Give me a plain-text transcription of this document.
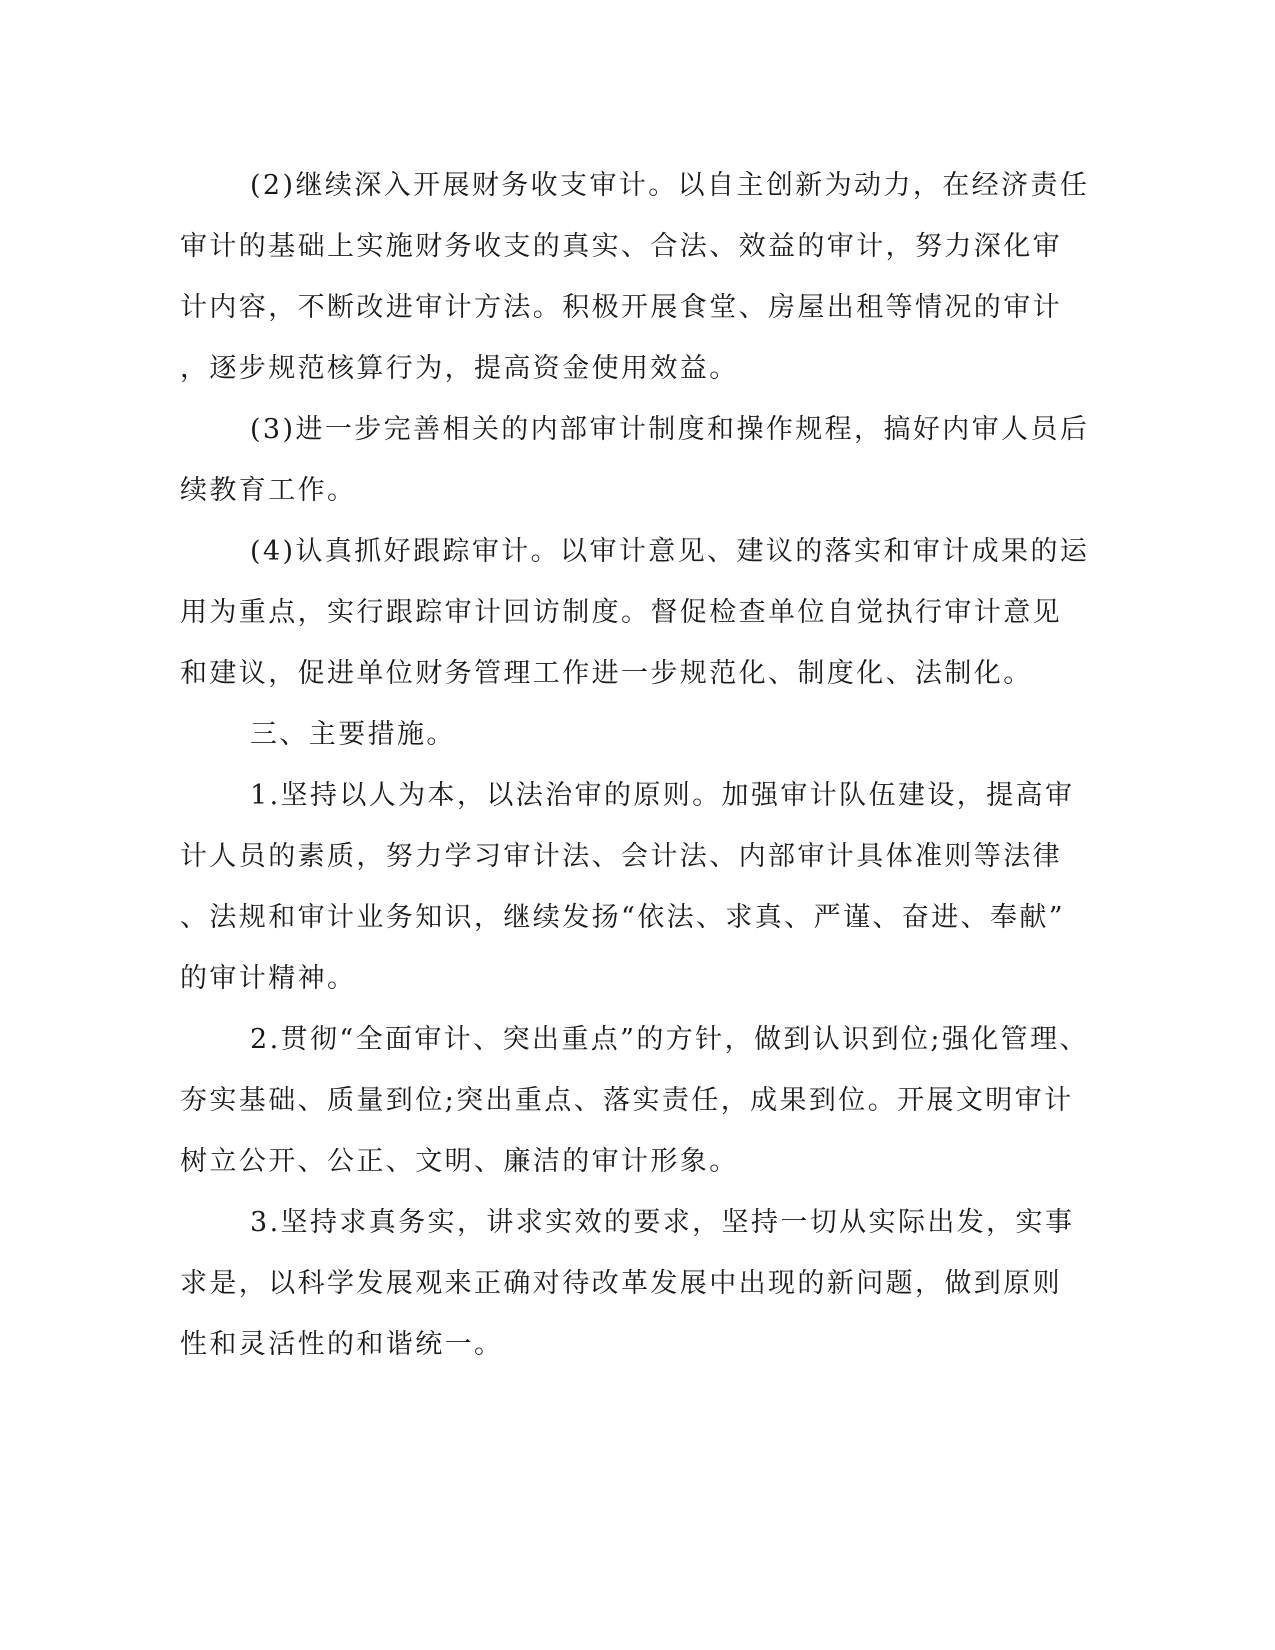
(2)继续深入开展财务收支审计。以自主创新为动力，在经济责任
审计的基础上实施财务收支的真实、合法、效益的审计，努力深化审
计内容，不断改进审计方法。积极开展食堂、房屋出租等情况的审计
，逐步规范核算行为，提高资金使用效益。
(3)进一步完善相关的内部审计制度和操作规程，搞好内审人员后
续教育工作。
(4)认真抓好跟踪审计。以审计意见、建议的落实和审计成果的运
用为重点，实行跟踪审计回访制度。督促检查单位自觉执行审计意见
和建议，促进单位财务管理工作进一步规范化、制度化、法制化。
三、主要措施。
1.坚持以人为本，以法治审的原则。加强审计队伍建设，提高审
计人员的素质，努力学习审计法、会计法、内部审计具体准则等法律
、法规和审计业务知识，继续发扬“依法、求真、严谨、奋进、奉献”
的审计精神。
2.贯彻“全面审计、突出重点”的方针，做到认识到位;强化管理、
夯实基础、质量到位;突出重点、落实责任，成果到位。开展文明审计
树立公开、公正、文明、廉洁的审计形象。
3.坚持求真务实，讲求实效的要求，坚持一切从实际出发，实事
求是，以科学发展观来正确对待改革发展中出现的新问题，做到原则
性和灵活性的和谐统一。
